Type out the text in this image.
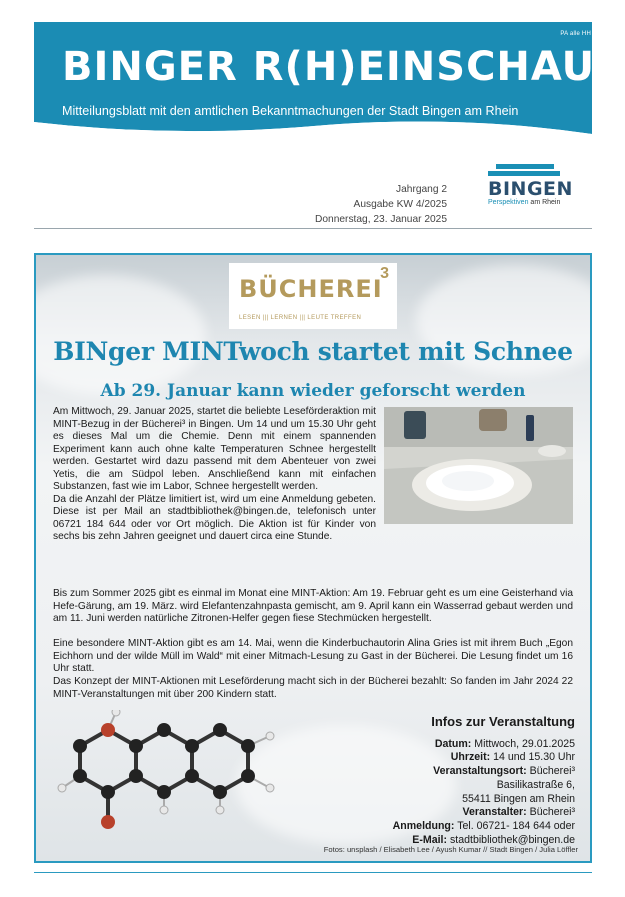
PA alle HH
BINGER R(H)EINSCHAU
Mitteilungsblatt mit den amtlichen Bekanntmachungen der Stadt Bingen am Rhein
Jahrgang 2
Ausgabe KW 4/2025
Donnerstag, 23. Januar 2025
BINGEN
Perspektiven am Rhein
BÜCHEREI
3
LESEN ||| LERNEN ||| LEUTE TREFFEN
BINger MINTwoch startet mit Schnee
Ab 29. Januar kann wieder geforscht werden

Am Mittwoch, 29. Januar 2025, startet die beliebte Leseförderaktion mit MINT-Bezug in der Bücherei³ in Bingen. Um 14 und um 15.30 Uhr geht es dieses Mal um die Chemie. Denn mit einem spannenden Experiment kann auch ohne kalte Temperaturen Schnee hergestellt werden. Gestartet wird dazu passend mit dem Abenteuer von zwei Yetis, die am Südpol leben. Anschließend kann mit einfachen Substanzen, fast wie im Labor, Schnee hergestellt werden.

Da die Anzahl der Plätze limitiert ist, wird um eine Anmeldung gebeten. Diese ist per Mail an stadtbibliothek@bingen.de, telefonisch unter 06721 184 644 oder vor Ort möglich. Die Aktion ist für Kinder von sechs bis zehn Jahren geeignet und dauert circa eine Stunde.

Bis zum Sommer 2025 gibt es einmal im Monat eine MINT-Aktion: Am 19. Februar geht es um eine Geisterhand via Hefe-Gärung, am 19. März. wird Elefantenzahnpasta gemischt, am 9. April kann ein Wasserrad gebaut werden und am 11. Juni werden natürliche Zitronen-Helfer gegen fiese Stechmücken hergestellt.
Eine besondere MINT-Aktion gibt es am 14. Mai, wenn die Kinderbuchautorin Alina Gries ist mit ihrem Buch „Egon Eichhorn und der wilde Müll im Wald“ mit einer Mitmach-Lesung zu Gast in der Bücherei. Die Lesung findet um 16 Uhr statt.
Das Konzept der MINT-Aktionen mit Leseförderung macht sich in der Bücherei bezahlt: So fanden im Jahr 2024 22 MINT-Veranstaltungen mit über 200 Kindern statt.
Infos zur Veranstaltung
Datum: Mittwoch, 29.01.2025
Uhrzeit: 14 und 15.30 Uhr
Veranstaltungsort: Bücherei³
Basilikastraße 6,
55411 Bingen am Rhein
Veranstalter: Bücherei³
Anmeldung: Tel. 06721- 184 644 oder
E-Mail: stadtbibliothek@bingen.de
Fotos: unsplash / Elisabeth Lee / Ayush Kumar // Stadt Bingen / Julia Löffler
